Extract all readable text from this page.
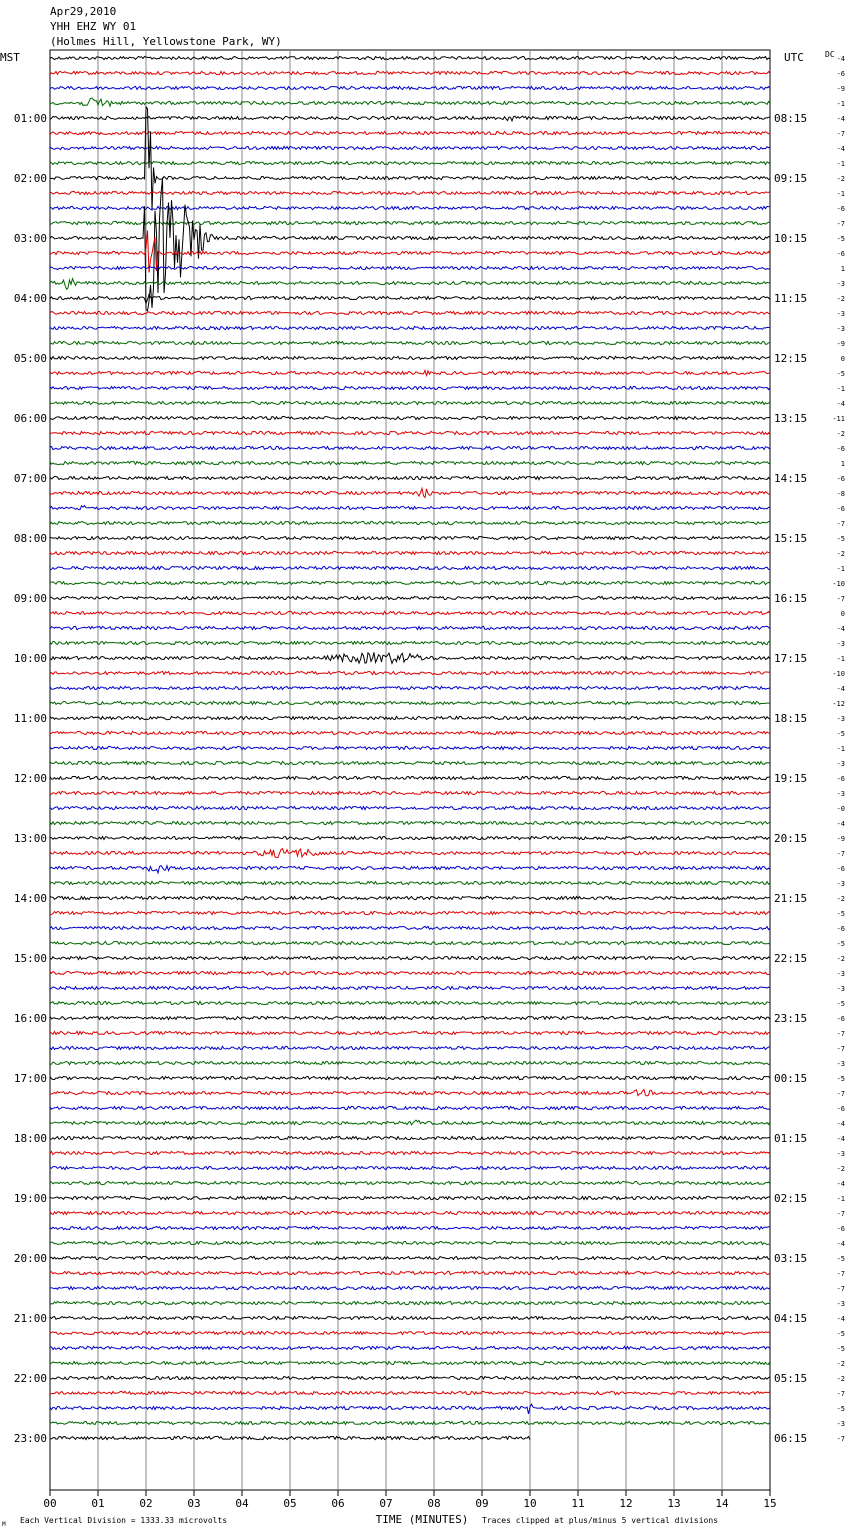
Apr29,2010
YHH EHZ WY 01
(Holmes Hill, Yellowstone Park, WY)
MST	UTC	DC
TIME (MINUTES)
Each Vertical Division = 1333.33 microvolts	Traces clipped at plus/minus 5 vertical divisions
M
00	01	02	03	04	05	06	07	08	09	10	11	12	13	14	15
01:00
02:00
03:00
04:00
05:00
06:00
07:00
08:00
09:00
10:00
11:00
12:00
13:00
14:00
15:00
16:00
17:00
18:00
19:00
20:00
21:00
22:00
23:00
08:15
09:15
10:15
11:15
12:15
13:15
14:15
15:15
16:15
17:15
18:15
19:15
20:15
21:15
22:15
23:15
00:15
01:15
02:15
03:15
04:15
05:15
06:15
-4
-6
-9
-1
-4
-7
-4
-1
-2
-1
-6
-7
-5
-6
1
-3
-2
-3
-3
-9
0
-5
-1
-4
-11
-2
-6
1
-6
-8
-6
-7
-5
-2
-1
-10
-7
0
-4
-3
-1
-10
-4
-12
-3
-5
-1
-3
-6
-3
-0
-4
-9
-7
-6
-3
-2
-5
-6
-5
-2
-3
-3
-5
-6
-7
-7
-3
-5
-7
-6
-4
-4
-3
-2
-4
-1
-7
-6
-4
-5
-7
-7
-3
-4
-5
-5
-2
-2
-7
-5
-3
-7
